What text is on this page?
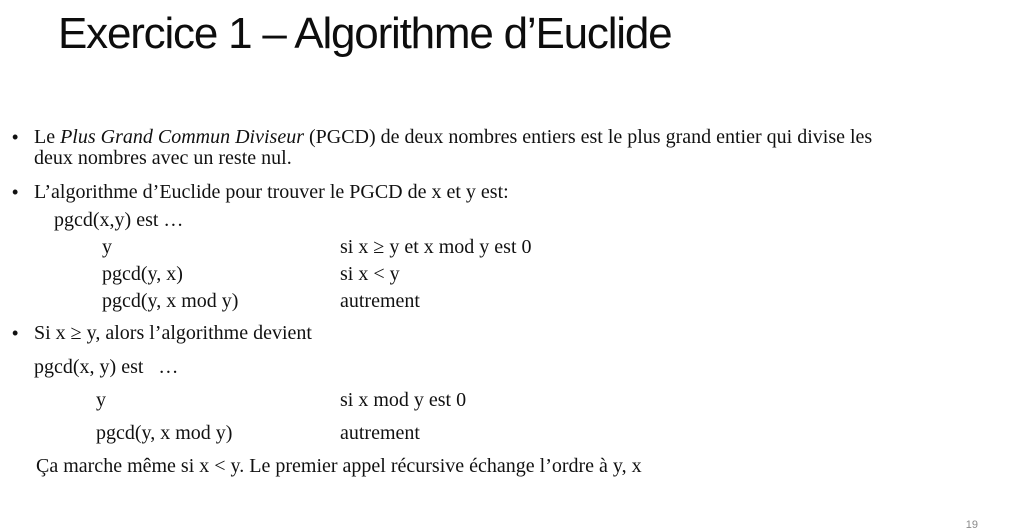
Exercice 1 – Algorithme d’Euclide
• Le Plus Grand Commun Diviseur (PGCD) de deux nombres entiers est le plus grand entier qui divise les
deux nombres avec un reste nul.
• L’algorithme d’Euclide pour trouver le PGCD de x et y est:
pgcd(x,y) est …
y	si x ≥ y et x mod y est 0
pgcd(y, x)	si x < y
pgcd(y, x mod y)	autrement
• Si x ≥ y, alors l’algorithme devient
pgcd(x, y) est   …
y	si x mod y est 0
pgcd(y, x mod y)	autrement
Ça marche même si x < y. Le premier appel récursive échange l’ordre à y, x
19
